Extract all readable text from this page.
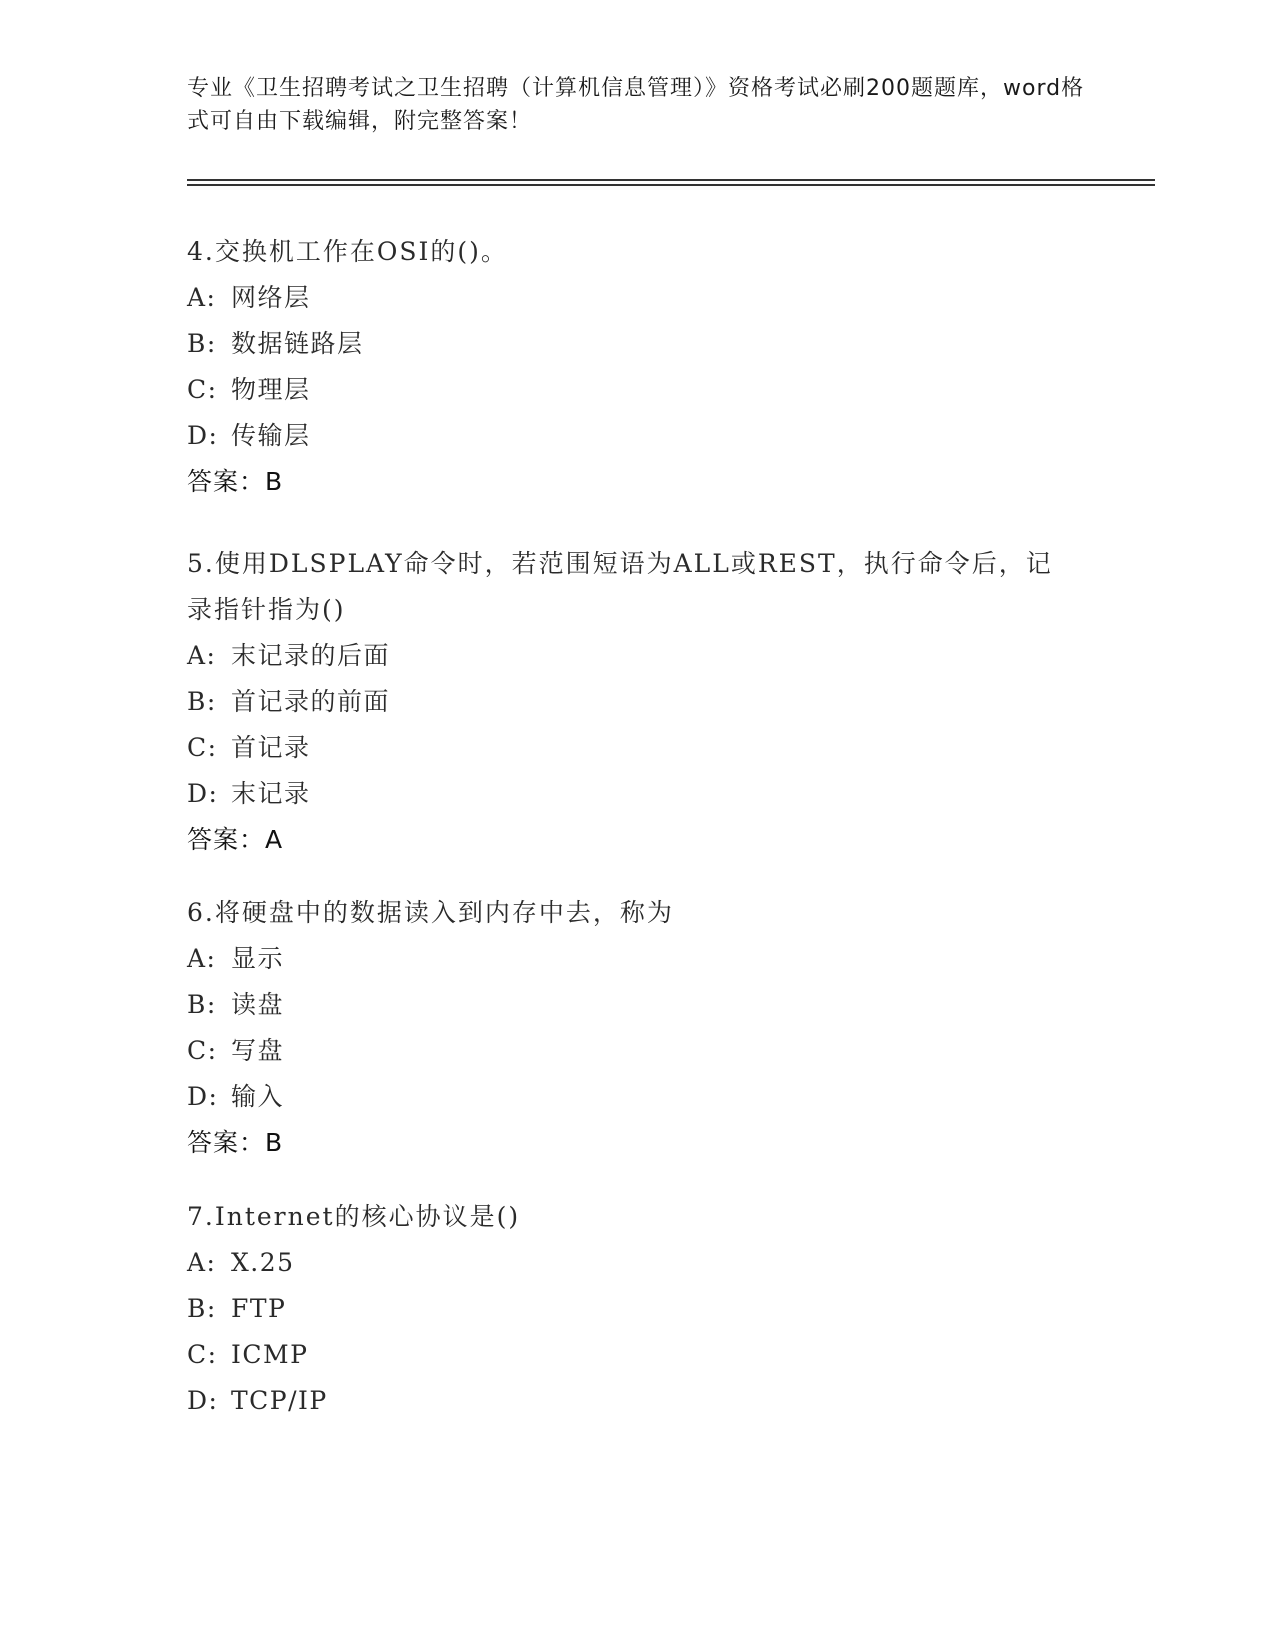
专业《卫生招聘考试之卫生招聘（计算机信息管理）》资格考试必刷200题题库，word格式可自由下载编辑，附完整答案！
4.交换机工作在OSI的()。
A: 网络层
B: 数据链路层
C: 物理层
D: 传输层
答案：B
5.使用DLSPLAY命令时，若范围短语为ALL或REST，执行命令后，记录指针指为()
A: 末记录的后面
B: 首记录的前面
C: 首记录
D: 末记录
答案：A
6.将硬盘中的数据读入到内存中去，称为
A: 显示
B: 读盘
C: 写盘
D: 输入
答案：B
7.Internet的核心协议是()
A: X.25
B: FTP
C: ICMP
D: TCP/IP
